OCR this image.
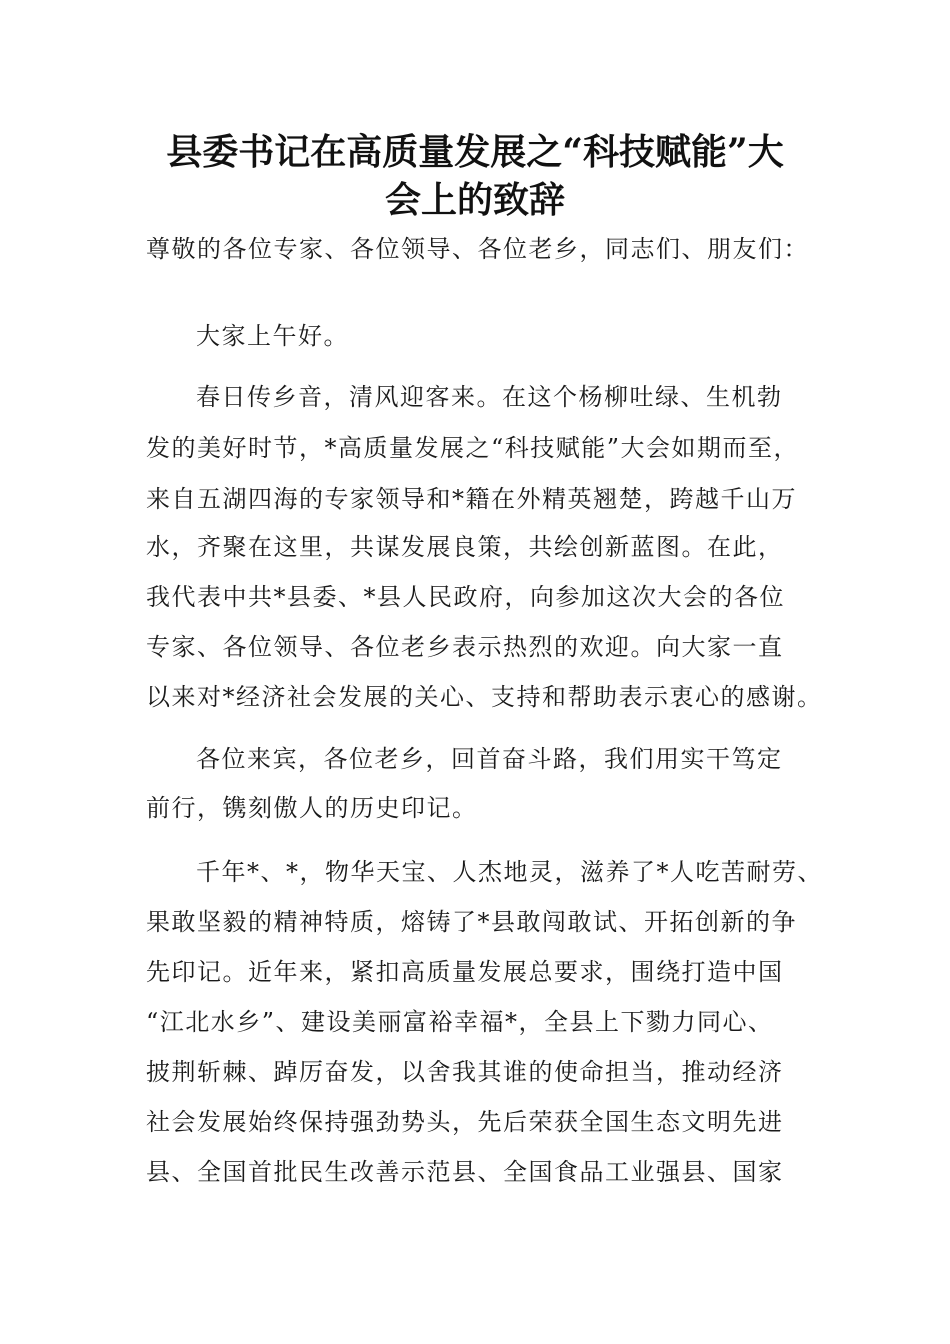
县委书记在高质量发展之“科技赋能”大
会上的致辞

尊敬的各位专家、各位领导、各位老乡，同志们、朋友们：

大家上午好。

春日传乡音，清风迎客来。在这个杨柳吐绿、生机勃

发的美好时节，*高质量发展之“科技赋能”大会如期而至，

来自五湖四海的专家领导和*籍在外精英翘楚，跨越千山万

水，齐聚在这里，共谋发展良策，共绘创新蓝图。在此，

我代表中共*县委、*县人民政府，向参加这次大会的各位

专家、各位领导、各位老乡表示热烈的欢迎。向大家一直

以来对*经济社会发展的关心、支持和帮助表示衷心的感谢。

各位来宾，各位老乡，回首奋斗路，我们用实干笃定

前行，镌刻傲人的历史印记。

千年*、*，物华天宝、人杰地灵，滋养了*人吃苦耐劳、

果敢坚毅的精神特质，熔铸了*县敢闯敢试、开拓创新的争

先印记。近年来，紧扣高质量发展总要求，围绕打造中国

“江北水乡”、建设美丽富裕幸福*，全县上下勠力同心、

披荆斩棘、踔厉奋发，以舍我其谁的使命担当，推动经济

社会发展始终保持强劲势头，先后荣获全国生态文明先进

县、全国首批民生改善示范县、全国食品工业强县、国家
